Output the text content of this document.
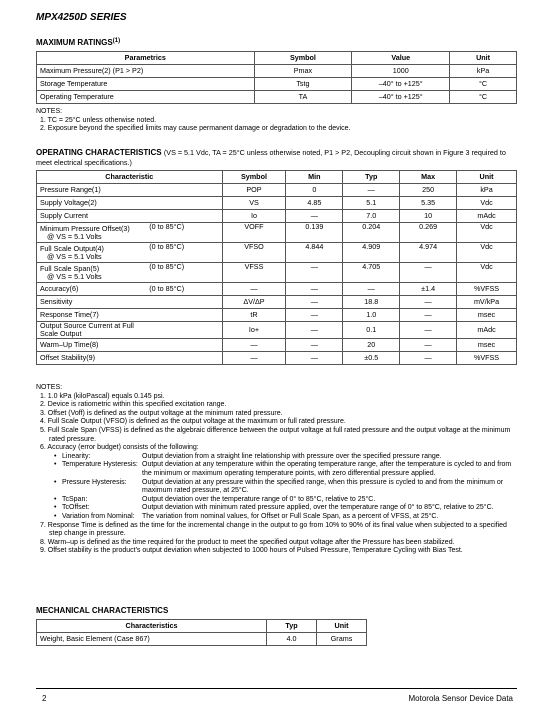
MPX4250D SERIES
MAXIMUM RATINGS$^{(1)}$
Parametrics	Symbol	Value	Unit
Maximum Pressure(2) (P1 > P2)	Pmax	1000	kPa
Storage Temperature	Tstg	–40° to +125°	°C
Operating Temperature	TA	–40° to +125°	°C
NOTES:
1. TC = 25°C unless otherwise noted.
2. Exposure beyond the specified limits may cause permanent damage or degradation to the device.
OPERATING CHARACTERISTICS (VS = 5.1 Vdc, TA = 25°C unless otherwise noted, P1 > P2, Decoupling circuit shown in Figure 3 required to meet electrical specifications.)
Characteristic		Symbol	Min	Typ	Max	Unit

Pressure Range(1)		POP	0	—	250	kPa

Supply Voltage(2)		VS	4.85	5.1	5.35	Vdc

Supply Current		Io	—	7.0	10	mAdc

Minimum Pressure Offset(3)
@ VS = 5.1 Volts	(0 to 85°C)	VOFF	0.139	0.204	0.269	Vdc

Full Scale Output(4)
@ VS = 5.1 Volts	(0 to 85°C)	VFSO	4.844	4.909	4.974	Vdc

Full Scale Span(5)
@ VS = 5.1 Volts	(0 to 85°C)	VFSS	—	4.705	—	Vdc

Accuracy(6)	(0 to 85°C)	—	—	—	±1.4	%VFSS

Sensitivity		ΔV/ΔP	—	18.8	—	mV/kPa

Response Time(7)		tR	—	1.0	—	msec

Output Source Current at Full Scale Output		Io+	—	0.1	—	mAdc

Warm–Up Time(8)		—	—	20	—	msec

Offset Stability(9)		—	—	±0.5	—	%VFSS
NOTES:
1. 1.0 kPa (kiloPascal) equals 0.145 psi.
2. Device is ratiometric within this specified excitation range.
3. Offset (Voff) is defined as the output voltage at the minimum rated pressure.
4. Full Scale Output (VFSO) is defined as the output voltage at the maximum or full rated pressure.
5. Full Scale Span (VFSS) is defined as the algebraic difference between the output voltage at full rated pressure and the output voltage at the minimum rated pressure.
6. Accuracy (error budget) consists of the following:
• Linearity:	Output deviation from a straight line relationship with pressure over the specified pressure range.
• Temperature Hysteresis: Output deviation at any temperature within the operating temperature range, after the temperature is cycled to and from the minimum or maximum operating temperature points, with zero differential pressure applied.
• Pressure Hysteresis:	Output deviation at any pressure within the specified range, when this pressure is cycled to and from the minimum or maximum rated pressure, at 25°C.
• TcSpan:	Output deviation over the temperature range of 0° to 85°C, relative to 25°C.
• TcOffset:	Output deviation with minimum rated pressure applied, over the temperature range of 0° to 85°C, relative to 25°C.
• Variation from Nominal:	The variation from nominal values, for Offset or Full Scale Span, as a percent of VFSS, at 25°C.
7. Response Time is defined as the time for the incremental change in the output to go from 10% to 90% of its final value when subjected to a specified step change in pressure.
8. Warm–up is defined as the time required for the product to meet the specified output voltage after the Pressure has been stabilized.
9. Offset stability is the product's output deviation when subjected to 1000 hours of Pulsed Pressure, Temperature Cycling with Bias Test.
MECHANICAL CHARACTERISTICS
Characteristics	Typ	Unit
Weight, Basic Element (Case 867)	4.0	Grams
2	Motorola Sensor Device Data
